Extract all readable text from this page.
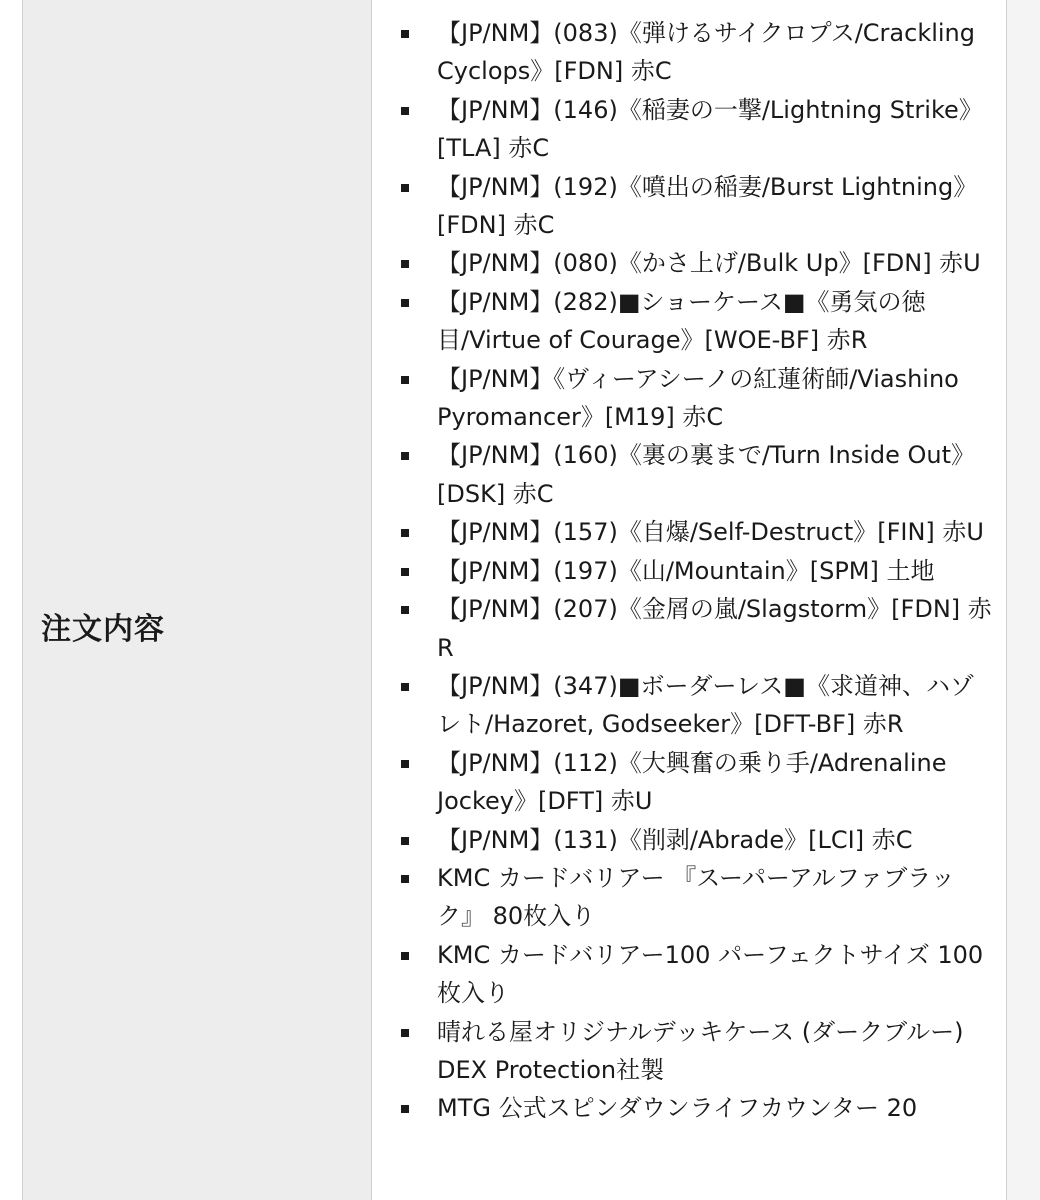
注文内容
【JP/NM】(083)《弾けるサイクロプス/Crackling Cyclops》[FDN] 赤C
【JP/NM】(146)《稲妻の一撃/Lightning Strike》[TLA] 赤C
【JP/NM】(192)《噴出の稲妻/Burst Lightning》[FDN] 赤C
【JP/NM】(080)《かさ上げ/Bulk Up》[FDN] 赤U
【JP/NM】(282)■ショーケース■《勇気の徳目/Virtue of Courage》[WOE-BF] 赤R
【JP/NM】《ヴィーアシーノの紅蓮術師/Viashino Pyromancer》[M19] 赤C
【JP/NM】(160)《裏の裏まで/Turn Inside Out》[DSK] 赤C
【JP/NM】(157)《自爆/Self-Destruct》[FIN] 赤U
【JP/NM】(197)《山/Mountain》[SPM] 土地
【JP/NM】(207)《金屑の嵐/Slagstorm》[FDN] 赤R
【JP/NM】(347)■ボーダーレス■《求道神、ハゾレト/Hazoret, Godseeker》[DFT-BF] 赤R
【JP/NM】(112)《大興奮の乗り手/Adrenaline Jockey》[DFT] 赤U
【JP/NM】(131)《削剥/Abrade》[LCI] 赤C
KMC カードバリアー 『スーパーアルファブラック』 80枚入り
KMC カードバリアー100 パーフェクトサイズ 100枚入り
晴れる屋オリジナルデッキケース (ダークブルー) DEX Protection社製
MTG 公式スピンダウンライフカウンター 20
